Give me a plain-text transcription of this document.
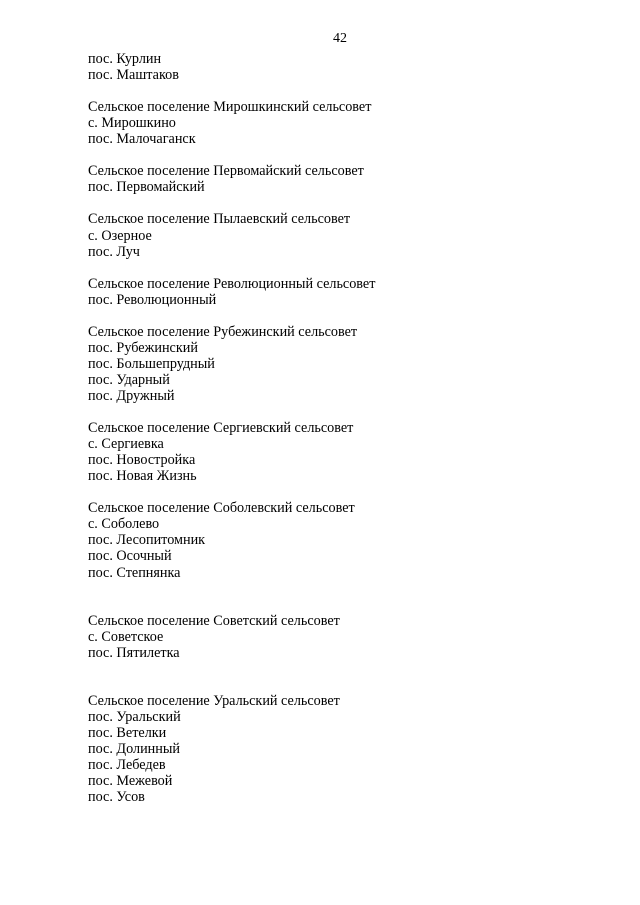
42
пос. Курлин
пос. Маштаков
Сельское поселение Мирошкинский сельсовет
с. Мирошкино
пос. Малочаганск
Сельское поселение Первомайский сельсовет
пос. Первомайский
Сельское поселение Пылаевский сельсовет
с. Озерное
пос. Луч
Сельское поселение Революционный сельсовет
пос. Революционный
Сельское поселение Рубежинский сельсовет
пос. Рубежинский
пос. Большепрудный
пос. Ударный
пос. Дружный
Сельское поселение Сергиевский сельсовет
с. Сергиевка
пос. Новостройка
пос. Новая Жизнь
Сельское поселение Соболевский сельсовет
с. Соболево
пос. Лесопитомник
пос. Осочный
пос. Степнянка
Сельское поселение Советский сельсовет
с. Советское
пос. Пятилетка
Сельское поселение Уральский сельсовет
пос. Уральский
пос. Ветелки
пос. Долинный
пос. Лебедев
пос. Межевой
пос. Усов
